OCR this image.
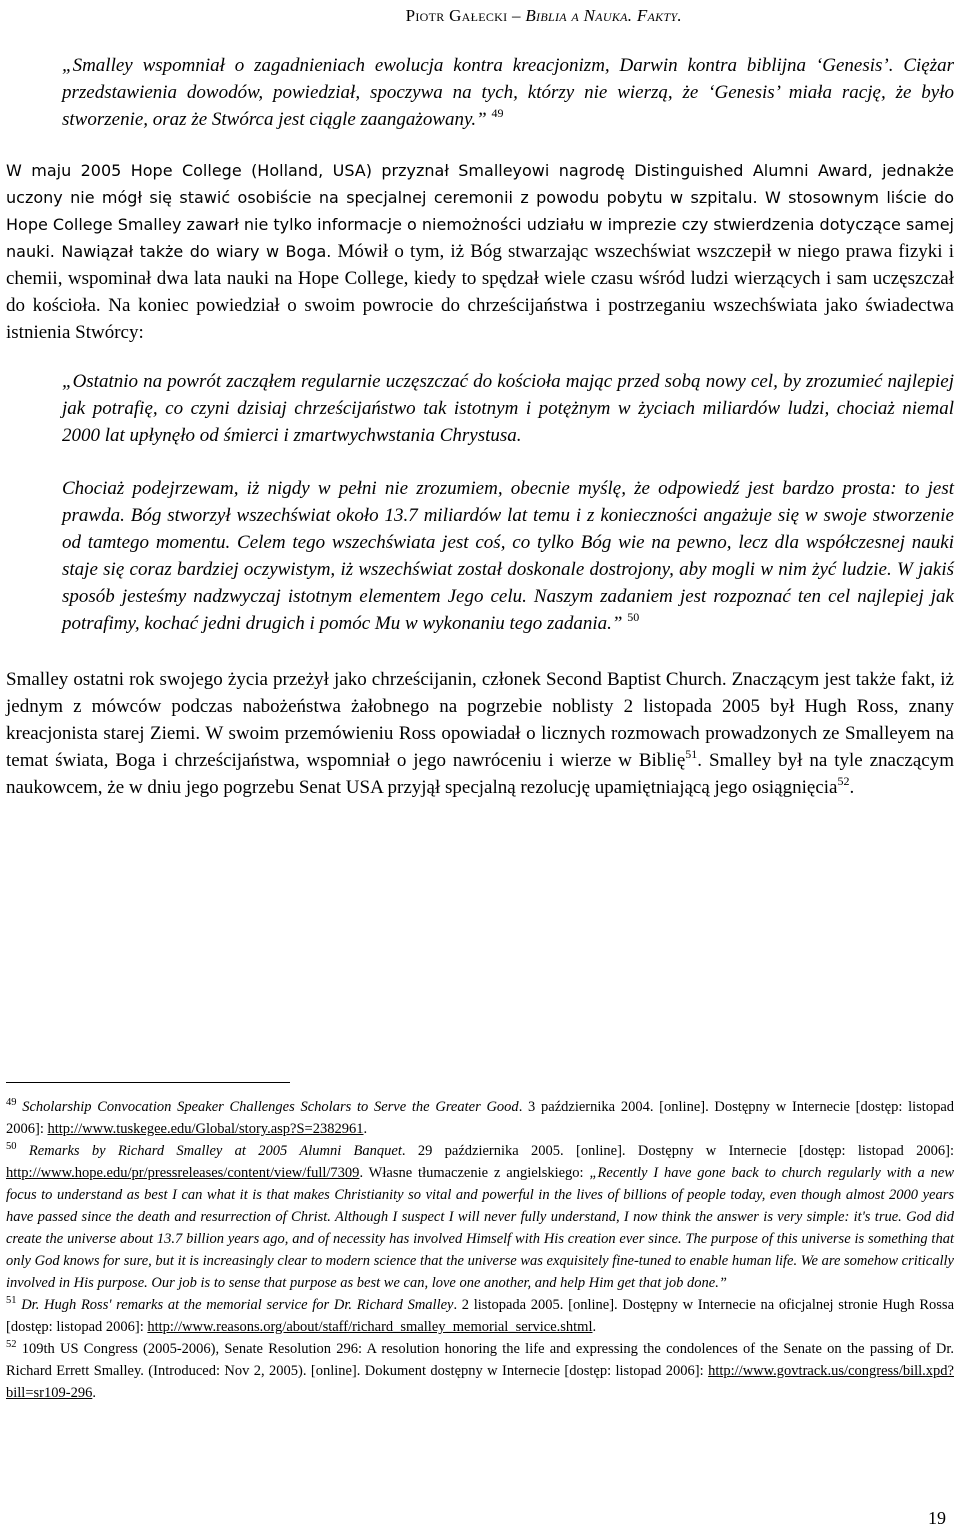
Piotr Gałecki – Biblia a Nauka. Fakty.

„Smalley wspomniał o zagadnieniach ewolucja kontra kreacjonizm, Darwin kontra biblijna ‘Genesis’. Ciężar przedstawienia dowodów, powiedział, spoczywa na tych, którzy nie wierzą, że ‘Genesis’ miała rację, że było stworzenie, oraz że Stwórca jest ciągle zaangażowany.” $^{49}$

W maju 2005 Hope College (Holland, USA) przyznał Smalleyowi nagrodę Distinguished Alumni Award, jednakże uczony nie mógł się stawić osobiście na specjalnej ceremonii z powodu pobytu w szpitalu. W stosownym liście do Hope College Smalley zawarł nie tylko informacje o niemożności udziału w imprezie czy stwierdzenia dotyczące samej nauki. Nawiązał także do wiary w Boga. Mówił o tym, iż Bóg stwarzając wszechświat wszczepił w niego prawa fizyki i chemii, wspominał dwa lata nauki na Hope College, kiedy to spędzał wiele czasu wśród ludzi wierzących i sam uczęszczał do kościoła. Na koniec powiedział o swoim powrocie do chrześcijaństwa i postrzeganiu wszechświata jako świadectwa istnienia Stwórcy:

„Ostatnio na powrót zacząłem regularnie uczęszczać do kościoła mając przed sobą nowy cel, by zrozumieć najlepiej jak potrafię, co czyni dzisiaj chrześcijaństwo tak istotnym i potężnym w życiach miliardów ludzi, chociaż niemal 2000 lat upłynęło od śmierci i zmartwychwstania Chrystusa.

Chociaż podejrzewam, iż nigdy w pełni nie zrozumiem, obecnie myślę, że odpowiedź jest bardzo prosta: to jest prawda. Bóg stworzył wszechświat około 13.7 miliardów lat temu i z konieczności angażuje się w swoje stworzenie od tamtego momentu. Celem tego wszechświata jest coś, co tylko Bóg wie na pewno, lecz dla współczesnej nauki staje się coraz bardziej oczywistym, iż wszechświat został doskonale dostrojony, aby mogli w nim żyć ludzie. W jakiś sposób jesteśmy nadzwyczaj istotnym elementem Jego celu. Naszym zadaniem jest rozpoznać ten cel najlepiej jak potrafimy, kochać jedni drugich i pomóc Mu w wykonaniu tego zadania.” $^{50}$

Smalley ostatni rok swojego życia przeżył jako chrześcijanin, członek Second Baptist Church. Znaczącym jest także fakt, iż jednym z mówców podczas nabożeństwa żałobnego na pogrzebie noblisty 2 listopada 2005 był Hugh Ross, znany kreacjonista starej Ziemi. W swoim przemówieniu Ross opowiadał o licznych rozmowach prowadzonych ze Smalleyem na temat świata, Boga i chrześcijaństwa, wspomniał o jego nawróceniu i wierze w Biblię$^{51}$. Smalley był na tyle znaczącym naukowcem, że w dniu jego pogrzebu Senat USA przyjął specjalną rezolucję upamiętniającą jego osiągnięcia$^{52}$.

$^{49}$ Scholarship Convocation Speaker Challenges Scholars to Serve the Greater Good. 3 października 2004. [online]. Dostępny w Internecie [dostęp: listopad 2006]: http://www.tuskegee.edu/Global/story.asp?S=2382961.

$^{50}$ Remarks by Richard Smalley at 2005 Alumni Banquet. 29 października 2005. [online]. Dostępny w Internecie [dostęp: listopad 2006]: http://www.hope.edu/pr/pressreleases/content/view/full/7309. Własne tłumaczenie z angielskiego: „Recently I have gone back to church regularly with a new focus to understand as best I can what it is that makes Christianity so vital and powerful in the lives of billions of people today, even though almost 2000 years have passed since the death and resurrection of Christ. Although I suspect I will never fully understand, I now think the answer is very simple: it's true. God did create the universe about 13.7 billion years ago, and of necessity has involved Himself with His creation ever since. The purpose of this universe is something that only God knows for sure, but it is increasingly clear to modern science that the universe was exquisitely fine-tuned to enable human life. We are somehow critically involved in His purpose. Our job is to sense that purpose as best we can, love one another, and help Him get that job done.”

$^{51}$ Dr. Hugh Ross' remarks at the memorial service for Dr. Richard Smalley. 2 listopada 2005. [online]. Dostępny w Internecie na oficjalnej stronie Hugh Rossa [dostęp: listopad 2006]: http://www.reasons.org/about/staff/richard_smalley_memorial_service.shtml.

$^{52}$ 109th US Congress (2005-2006), Senate Resolution 296: A resolution honoring the life and expressing the condolences of the Senate on the passing of Dr. Richard Errett Smalley. (Introduced: Nov 2, 2005). [online]. Dokument dostępny w Internecie [dostęp: listopad 2006]: http://www.govtrack.us/congress/bill.xpd?bill=sr109-296.

19
